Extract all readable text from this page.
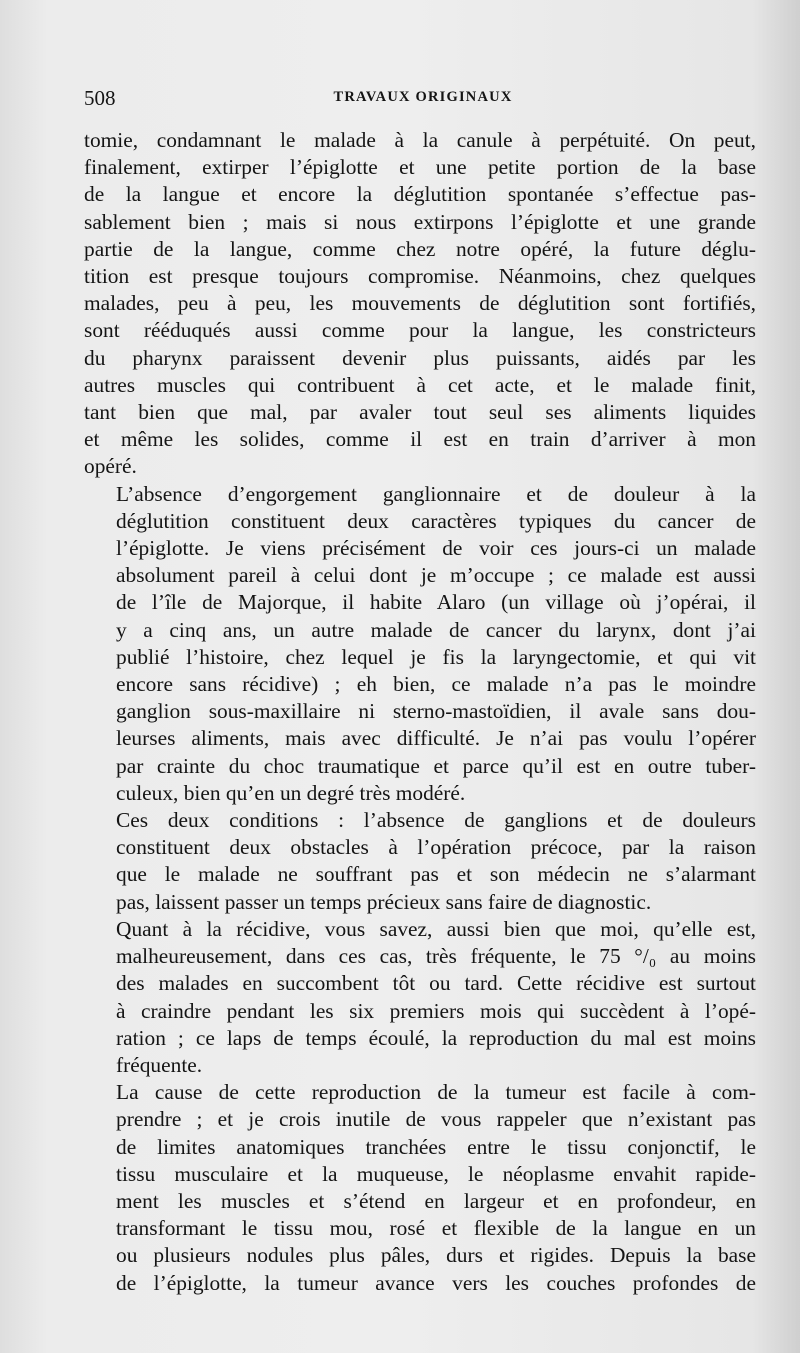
508	TRAVAUX ORIGINAUX

tomie, condamnant le malade à la canule à perpétuité. On peut,
finalement, extirper l’épiglotte et une petite portion de la base
de la langue et encore la déglutition spontanée s’effectue pas-
sablement bien ; mais si nous extirpons l’épiglotte et une grande
partie de la langue, comme chez notre opéré, la future déglu-
tition est presque toujours compromise. Néanmoins, chez quelques
malades, peu à peu, les mouvements de déglutition sont fortifiés,
sont rééduqués aussi comme pour la langue, les constricteurs
du pharynx paraissent devenir plus puissants, aidés par les
autres muscles qui contribuent à cet acte, et le malade finit,
tant bien que mal, par avaler tout seul ses aliments liquides
et même les solides, comme il est en train d’arriver à mon
opéré.

L’absence d’engorgement ganglionnaire et de douleur à la
déglutition constituent deux caractères typiques du cancer de
l’épiglotte. Je viens précisément de voir ces jours-ci un malade
absolument pareil à celui dont je m’occupe ; ce malade est aussi
de l’île de Majorque, il habite Alaro (un village où j’opérai, il
y a cinq ans, un autre malade de cancer du larynx, dont j’ai
publié l’histoire, chez lequel je fis la laryngectomie, et qui vit
encore sans récidive) ; eh bien, ce malade n’a pas le moindre
ganglion sous-maxillaire ni sterno-mastoïdien, il avale sans dou-
leurses aliments, mais avec difficulté. Je n’ai pas voulu l’opérer
par crainte du choc traumatique et parce qu’il est en outre tuber-
culeux, bien qu’en un degré très modéré.

Ces deux conditions : l’absence de ganglions et de douleurs
constituent deux obstacles à l’opération précoce, par la raison
que le malade ne souffrant pas et son médecin ne s’alarmant
pas, laissent passer un temps précieux sans faire de diagnostic.

Quant à la récidive, vous savez, aussi bien que moi, qu’elle est,
malheureusement, dans ces cas, très fréquente, le 75 °/₀ au moins
des malades en succombent tôt ou tard. Cette récidive est surtout
à craindre pendant les six premiers mois qui succèdent à l’opé-
ration ; ce laps de temps écoulé, la reproduction du mal est moins
fréquente.

La cause de cette reproduction de la tumeur est facile à com-
prendre ; et je crois inutile de vous rappeler que n’existant pas
de limites anatomiques tranchées entre le tissu conjonctif, le
tissu musculaire et la muqueuse, le néoplasme envahit rapide-
ment les muscles et s’étend en largeur et en profondeur, en
transformant le tissu mou, rosé et flexible de la langue en un
ou plusieurs nodules plus pâles, durs et rigides. Depuis la base
de l’épiglotte, la tumeur avance vers les couches profondes de
